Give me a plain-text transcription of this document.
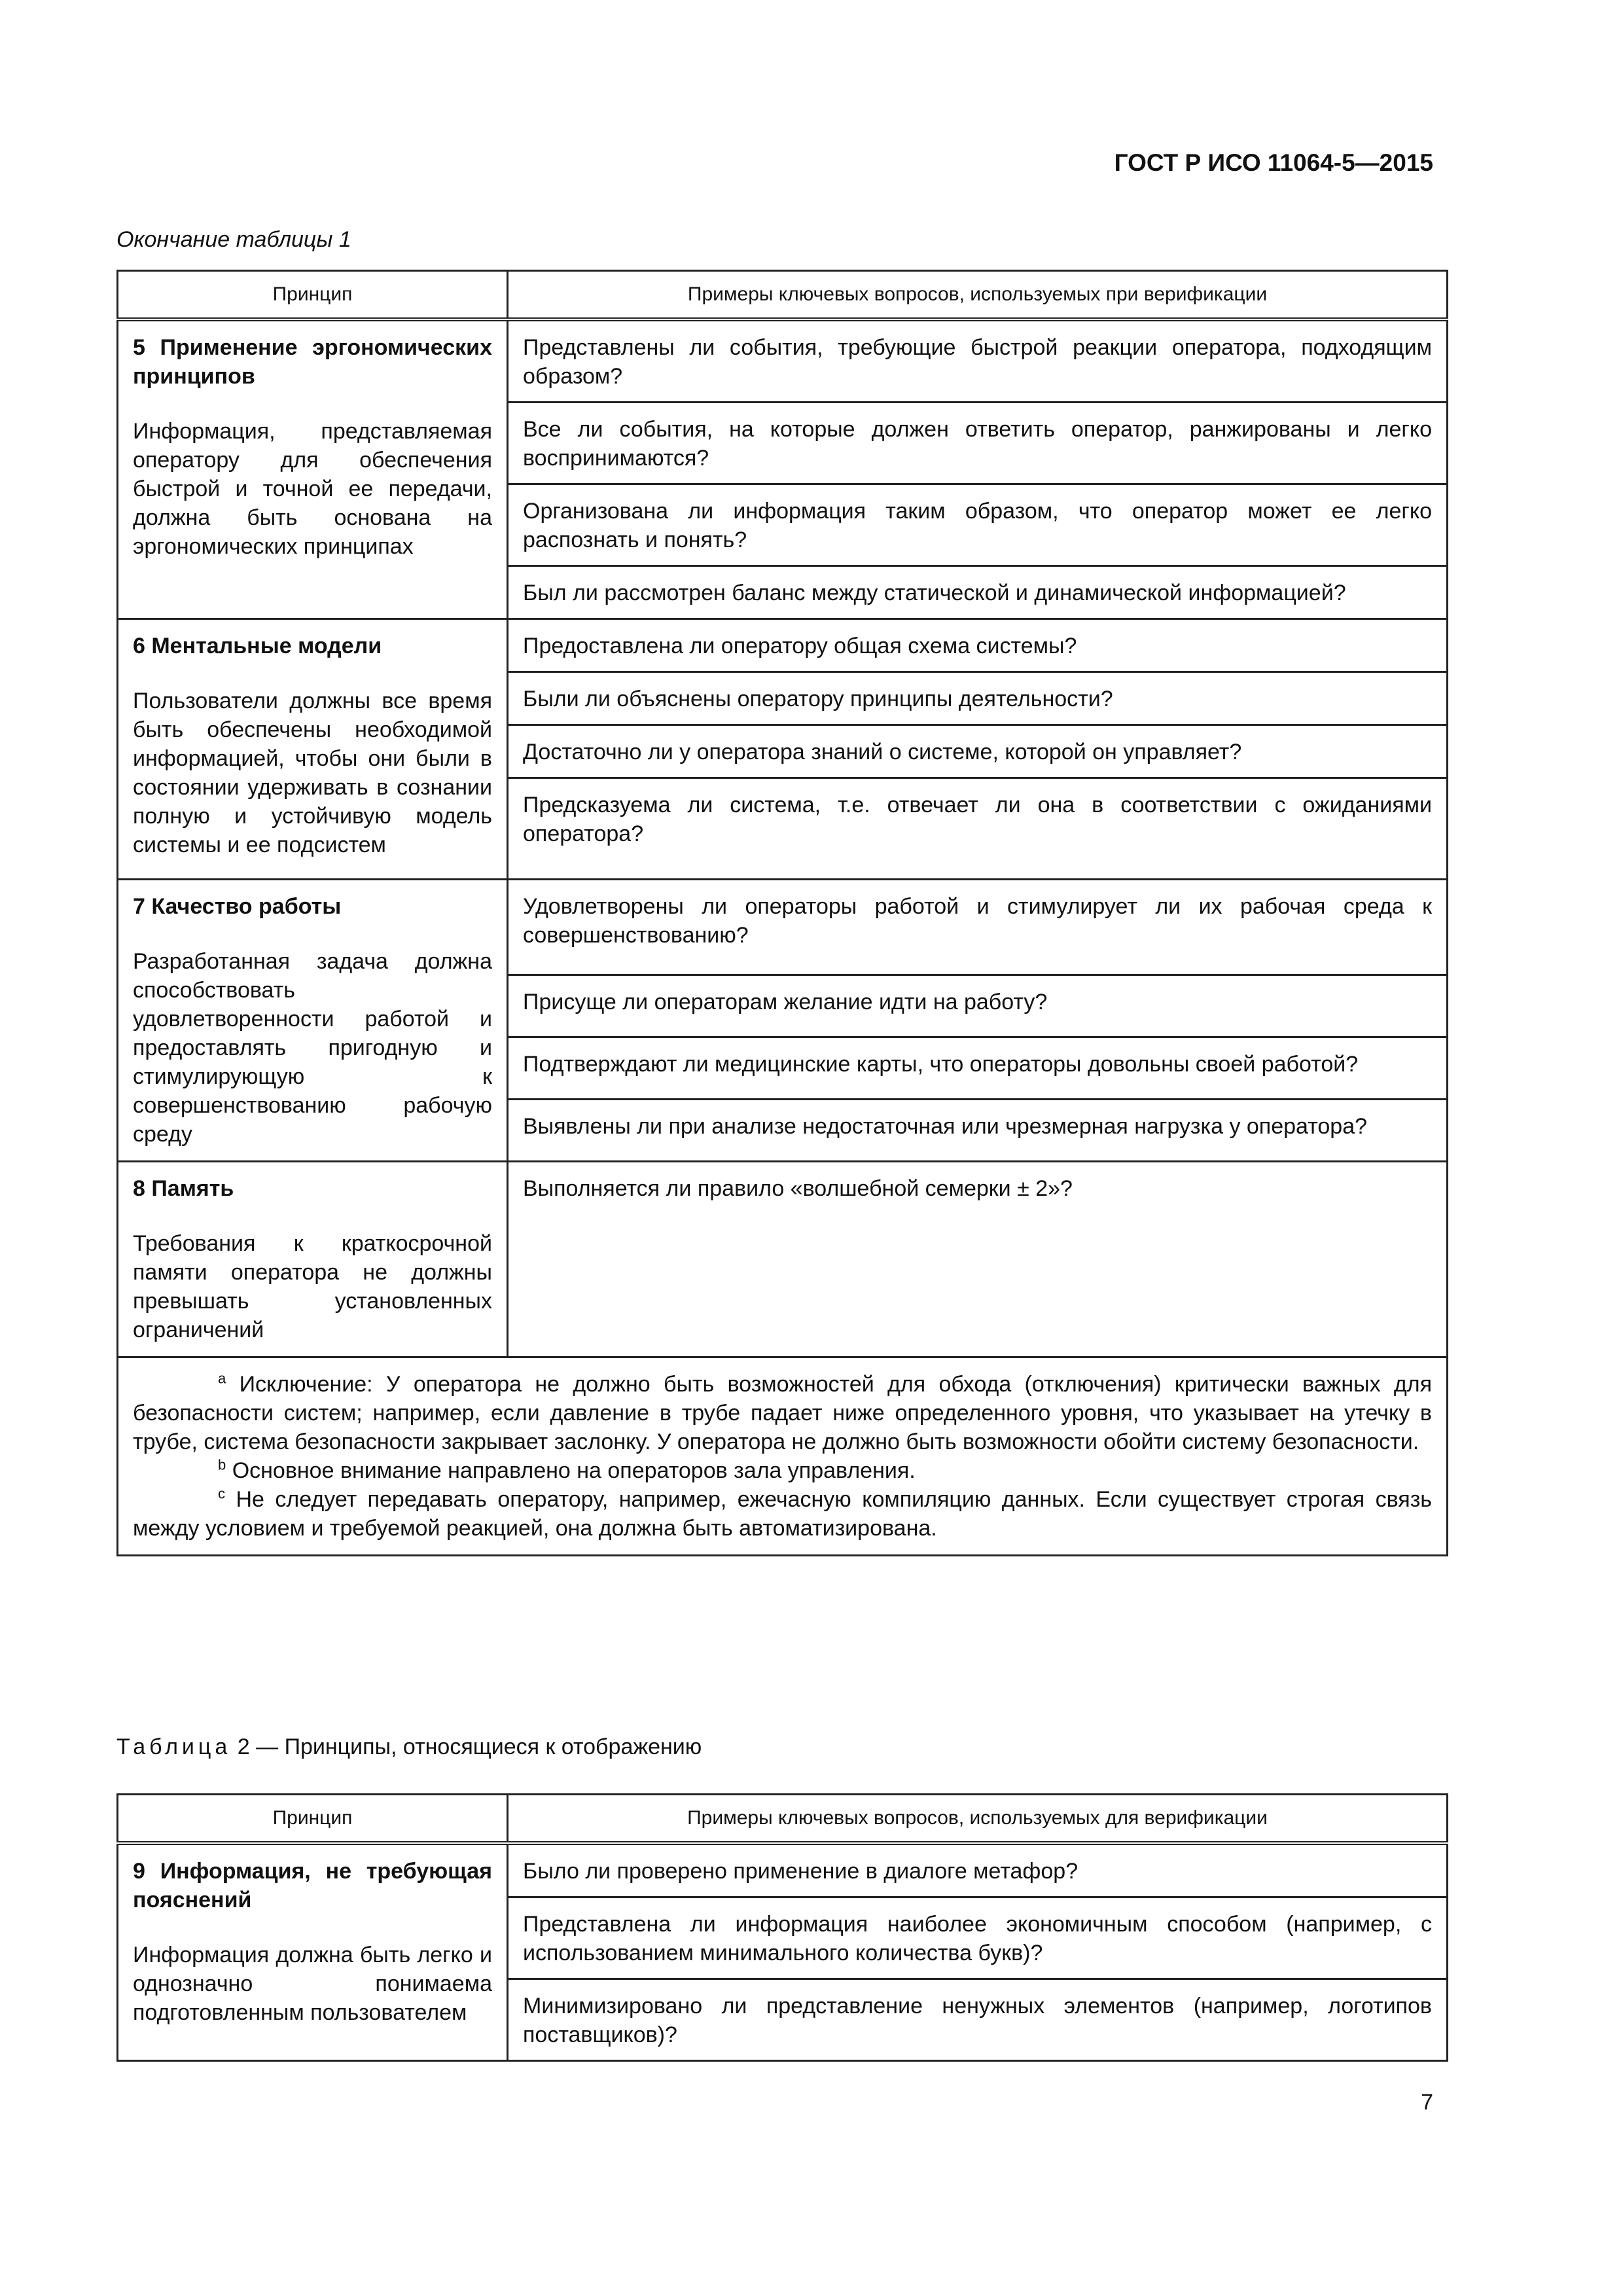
ГОСТ Р ИСО 11064-5—2015
Окончание таблицы 1
Принцип	Примеры ключевых вопросов, используемых при верификации

5 Применение эргономических принципов
Информация, представляемая оператору для обеспечения быстрой и точной ее передачи, должна быть основана на эргономических принципах	Представлены ли события, требующие быстрой реакции оператора, подходящим образом?
	Все ли события, на которые должен ответить оператор, ранжированы и легко воспринимаются?
	Организована ли информация таким образом, что оператор может ее легко распознать и понять?
	Был ли рассмотрен баланс между статической и динамической информацией?

6 Ментальные модели
Пользователи должны все время быть обеспечены необходимой информацией, чтобы они были в состоянии удерживать в сознании полную и устойчивую модель системы и ее подсистем	Предоставлена ли оператору общая схема системы?
	Были ли объяснены оператору принципы деятельности?
	Достаточно ли у оператора знаний о системе, которой он управляет?
	Предсказуема ли система, т.е. отвечает ли она в соответствии с ожиданиями оператора?

7 Качество работы
Разработанная задача должна способствовать удовлетворенности работой и предоставлять пригодную и стимулирующую к совершенствованию рабочую среду	Удовлетворены ли операторы работой и стимулирует ли их рабочая среда к совершенствованию?
	Присуще ли операторам желание идти на работу?
	Подтверждают ли медицинские карты, что операторы довольны своей работой?
	Выявлены ли при анализе недостаточная или чрезмерная нагрузка у оператора?

8 Память
Требования к краткосрочной памяти оператора не должны превышать установленных ограничений	Выполняется ли правило «волшебной семерки ± 2»?

$^a$ Исключение: У оператора не должно быть возможностей для обхода (отключения) критически важных для безопасности систем; например, если давление в трубе падает ниже определенного уровня, что указывает на утечку в трубе, система безопасности закрывает заслонку. У оператора не должно быть возможности обойти систему безопасности.
$^b$ Основное внимание направлено на операторов зала управления.
$^c$ Не следует передавать оператору, например, ежечасную компиляцию данных. Если существует строгая связь между условием и требуемой реакцией, она должна быть автоматизирована.	
Таблица 2 — Принципы, относящиеся к отображению
Принцип	Примеры ключевых вопросов, используемых для верификации

9 Информация, не требующая пояснений
Информация должна быть легко и однозначно понимаема подготовленным пользователем	Было ли проверено применение в диалоге метафор?
	Представлена ли информация наиболее экономичным способом (например, с использованием минимального количества букв)?
	Минимизировано ли представление ненужных элементов (например, логотипов поставщиков)?
7
